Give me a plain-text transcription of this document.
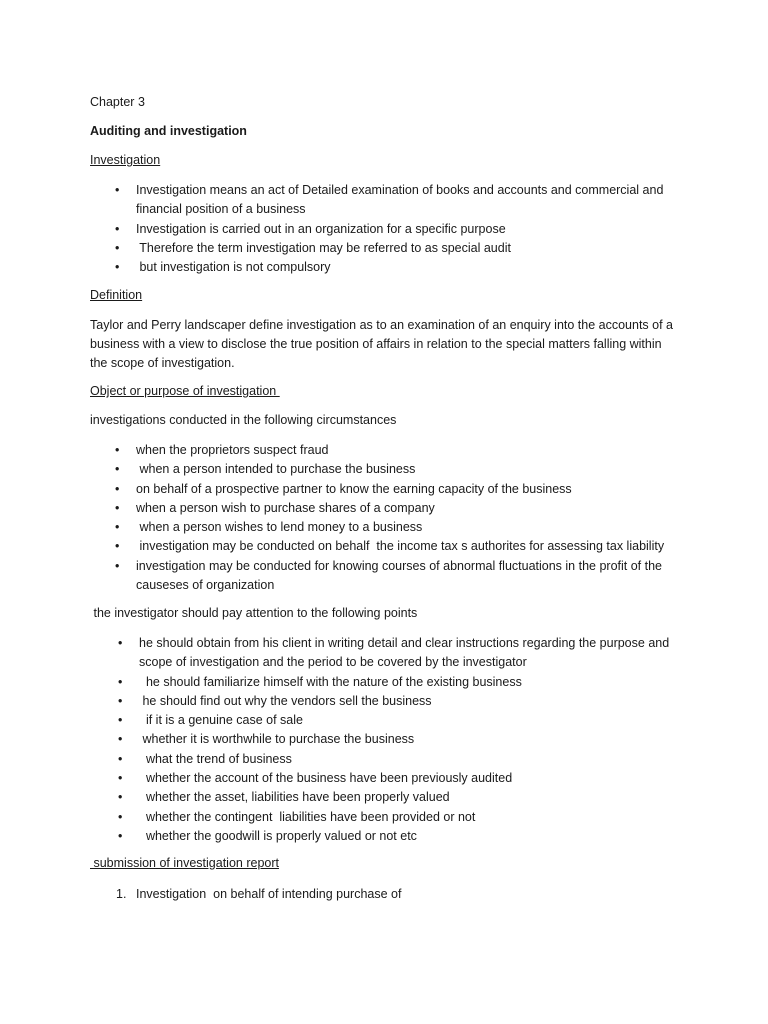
Chapter 3
Auditing and investigation
Investigation
• Investigation means an act of Detailed examination of books and accounts and commercial and financial position of a business
• Investigation is carried out in an organization for a specific purpose
• Therefore the term investigation may be referred to as special audit
• but investigation is not compulsory
Definition
Taylor and Perry landscaper define investigation as to an examination of an enquiry into the accounts of a business with a view to disclose the true position of affairs in relation to the special matters falling within the scope of investigation.
Object or purpose of investigation
investigations conducted in the following circumstances
• when the proprietors suspect fraud
• when a person intended to purchase the business
• on behalf of a prospective partner to know the earning capacity of the business
• when a person wish to purchase shares of a company
• when a person wishes to lend money to a business
• investigation may be conducted on behalf  the income tax s authorites for assessing tax liability
• investigation may be conducted for knowing courses of abnormal fluctuations in the profit of the causeses of organization
the investigator should pay attention to the following points
• he should obtain from his client in writing detail and clear instructions regarding the purpose and scope of investigation and the period to be covered by the investigator
• he should familiarize himself with the nature of the existing business
• he should find out why the vendors sell the business
• if it is a genuine case of sale
• whether it is worthwhile to purchase the business
• what the trend of business
• whether the account of the business have been previously audited
• whether the asset, liabilities have been properly valued
• whether the contingent  liabilities have been provided or not
• whether the goodwill is properly valued or not etc
submission of investigation report
1. Investigation  on behalf of intending purchase of
